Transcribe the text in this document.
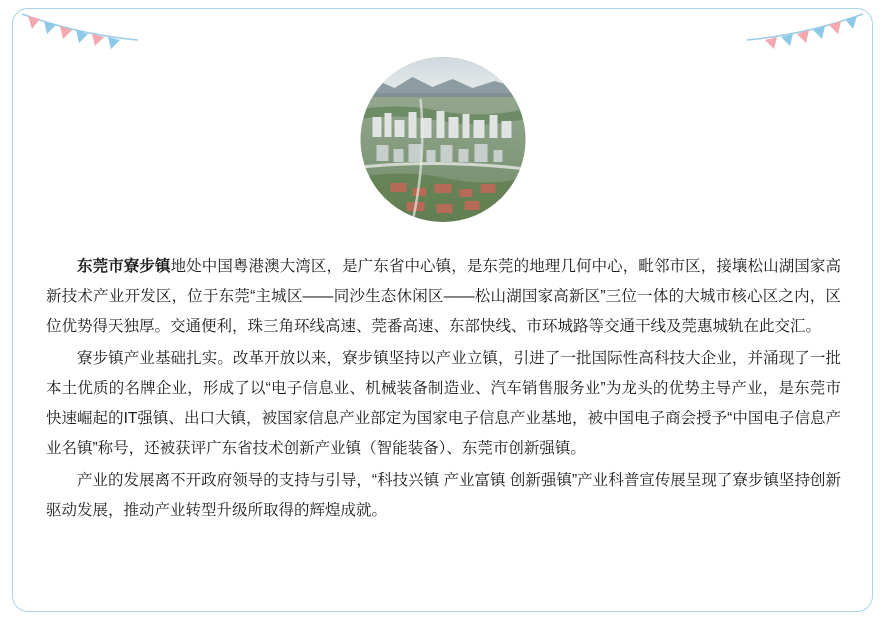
东莞市寮步镇地处中国粤港澳大湾区，是广东省中心镇，是东莞的地理几何中心，毗邻市区，接壤松山湖国家高新技术产业开发区，位于东莞“主城区——同沙生态休闲区——松山湖国家高新区”三位一体的大城市核心区之内，区位优势得天独厚。交通便利，珠三角环线高速、莞番高速、东部快线、市环城路等交通干线及莞惠城轨在此交汇。

寮步镇产业基础扎实。改革开放以来，寮步镇坚持以产业立镇，引进了一批国际性高科技大企业，并涌现了一批本土优质的名牌企业，形成了以“电子信息业、机械装备制造业、汽车销售服务业”为龙头的优势主导产业，是东莞市快速崛起的IT强镇、出口大镇，被国家信息产业部定为国家电子信息产业基地，被中国电子商会授予“中国电子信息产业名镇”称号，还被获评广东省技术创新产业镇（智能装备）、东莞市创新强镇。

产业的发展离不开政府领导的支持与引导，“科技兴镇 产业富镇 创新强镇”产业科普宣传展呈现了寮步镇坚持创新驱动发展，推动产业转型升级所取得的辉煌成就。
